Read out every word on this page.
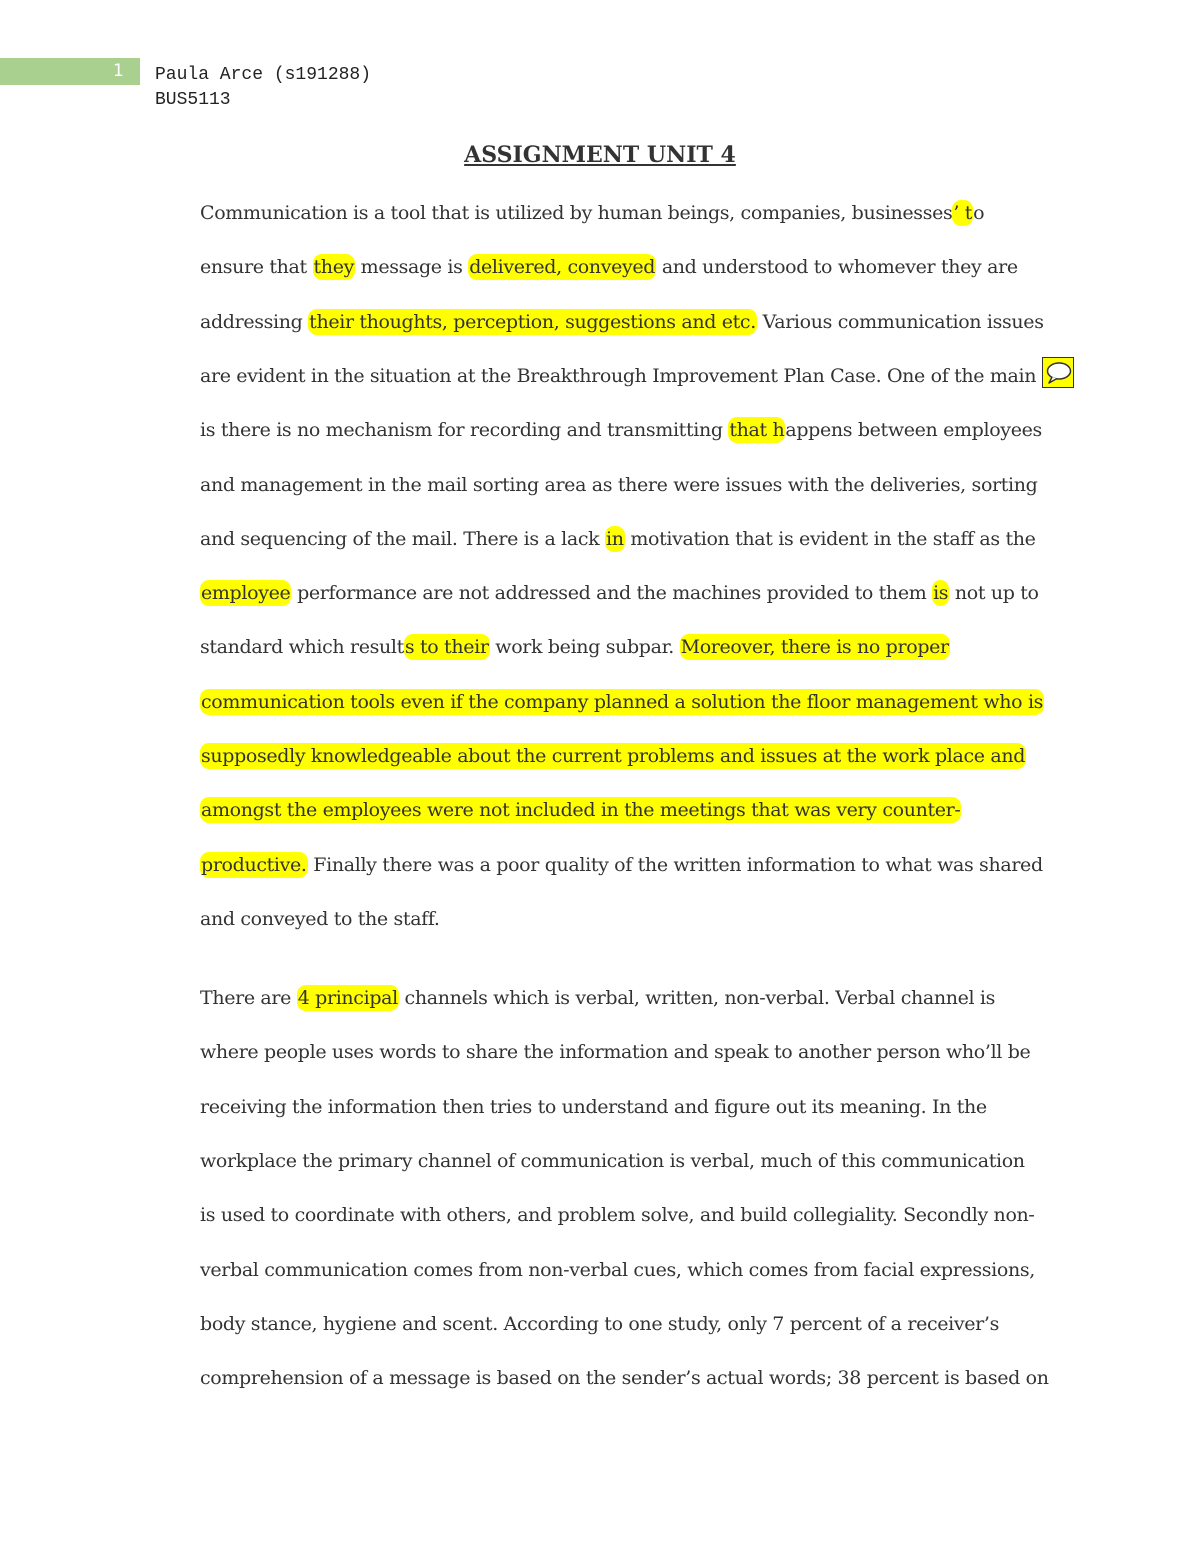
1	Paula Arce (s191288)
BUS5113
ASSIGNMENT UNIT 4
Communication is a tool that is utilized by human beings, companies, businesses’ to
ensure that they message is delivered, conveyed and understood to whomever they are
addressing their thoughts, perception, suggestions and etc. Various communication issues
are evident in the situation at the Breakthrough Improvement Plan Case. One of the main
is there is no mechanism for recording and transmitting that happens between employees
and management in the mail sorting area as there were issues with the deliveries, sorting
and sequencing of the mail. There is a lack in motivation that is evident in the staff as the
employee performance are not addressed and the machines provided to them is not up to
standard which results to their work being subpar. Moreover, there is no proper
communication tools even if the company planned a solution the floor management who is
supposedly knowledgeable about the current problems and issues at the work place and
amongst the employees were not included in the meetings that was very counter-
productive. Finally there was a poor quality of the written information to what was shared
and conveyed to the staff.
There are 4 principal channels which is verbal, written, non-verbal. Verbal channel is
where people uses words to share the information and speak to another person who’ll be
receiving the information then tries to understand and figure out its meaning. In the
workplace the primary channel of communication is verbal, much of this communication
is used to coordinate with others, and problem solve, and build collegiality. Secondly non-
verbal communication comes from non-verbal cues, which comes from facial expressions,
body stance, hygiene and scent. According to one study, only 7 percent of a receiver’s
comprehension of a message is based on the sender’s actual words; 38 percent is based on
